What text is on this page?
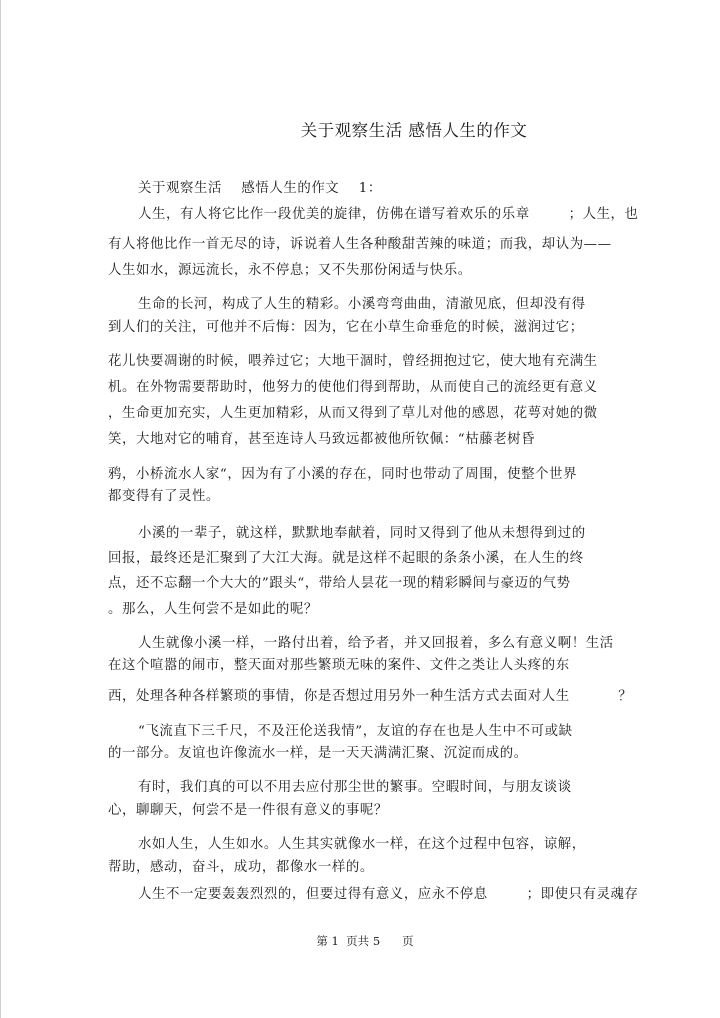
关于观察生活 感悟人生的作文
关于观察生活    感悟人生的作文    1：
人生，有人将它比作一段优美的旋律，仿佛在谱写着欢乐的乐章        ；人生，也
有人将他比作一首无尽的诗，诉说着人生各种酸甜苦辣的味道；而我，却认为——
人生如水，源远流长，永不停息；又不失那份闲适与快乐。
生命的长河，构成了人生的精彩。小溪弯弯曲曲，清澈见底，但却没有得
到人们的关注，可他并不后悔：因为，它在小草生命垂危的时候，滋润过它；
花儿快要凋谢的时候，喂养过它；大地干涸时，曾经拥抱过它，使大地有充满生
机。在外物需要帮助时，他努力的使他们得到帮助，从而使自己的流经更有意义
，生命更加充实，人生更加精彩，从而又得到了草儿对他的感恩，花萼对她的微
笑，大地对它的哺育，甚至连诗人马致远都被他所钦佩：“枯藤老树昏
鸦，小桥流水人家“，因为有了小溪的存在，同时也带动了周围，使整个世界
都变得有了灵性。
小溪的一辈子，就这样，默默地奉献着，同时又得到了他从未想得到过的
回报，最终还是汇聚到了大江大海。就是这样不起眼的条条小溪，在人生的终
点，还不忘翻一个大大的”跟头“，带给人昙花一现的精彩瞬间与豪迈的气势
。那么，人生何尝不是如此的呢？
人生就像小溪一样，一路付出着，给予者，并又回报着，多么有意义啊！生活
在这个喧嚣的闹市，整天面对那些繁琐无味的案件、文件之类让人头疼的东
西，处理各种各样繁琐的事情，你是否想过用另外一种生活方式去面对人生          ？
“飞流直下三千尺，不及汪伦送我情”，友谊的存在也是人生中不可或缺
的一部分。友谊也许像流水一样，是一天天满满汇聚、沉淀而成的。
有时，我们真的可以不用去应付那尘世的繁事。空暇时间，与朋友谈谈
心，聊聊天，何尝不是一件很有意义的事呢？
水如人生，人生如水。人生其实就像水一样，在这个过程中包容，谅解，
帮助，感动，奋斗，成功，都像水一样的。
人生不一定要轰轰烈烈的，但要过得有意义，应永不停息        ；即使只有灵魂存
第 1  页共 5      页
